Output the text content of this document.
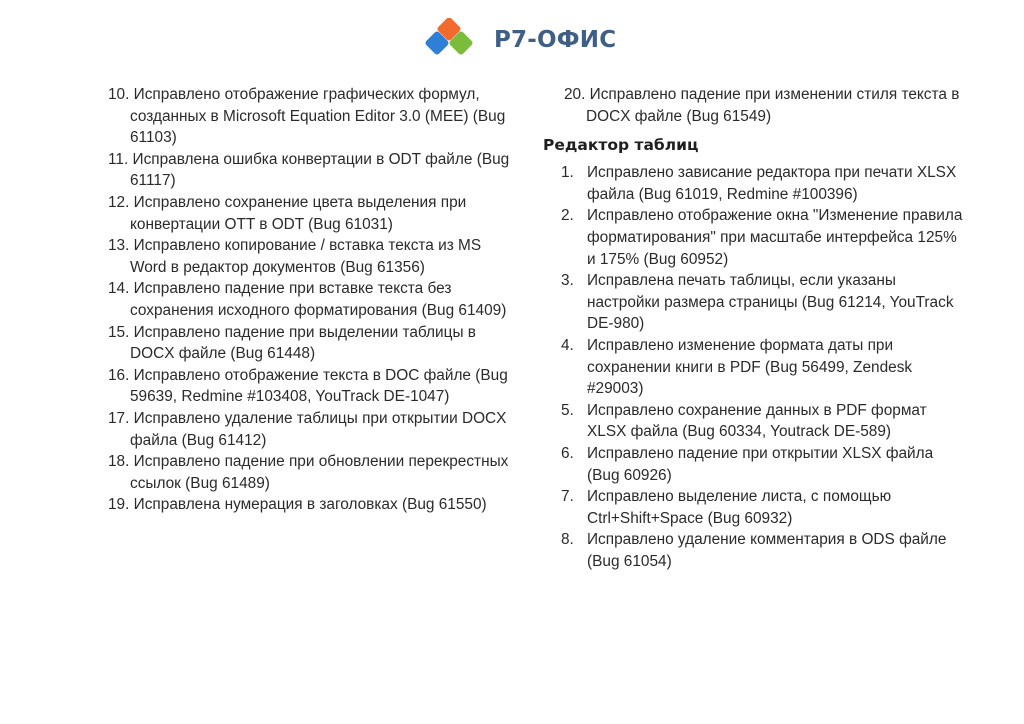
Р7-ОФИС
10. Исправлено отображение графических формул, созданных в Microsoft Equation Editor 3.0 (MEE) (Bug 61103)
11. Исправлена ошибка конвертации в ODT файле (Bug 61117)
12. Исправлено сохранение цвета выделения при конвертации OTT в ODT (Bug 61031)
13. Исправлено копирование / вставка текста из MS Word в редактор документов (Bug 61356)
14. Исправлено падение при вставке текста без сохранения исходного форматирования (Bug 61409)
15. Исправлено падение при выделении таблицы в DOCX файле (Bug 61448)
16. Исправлено отображение текста в DOC файле (Bug 59639, Redmine #103408, YouTrack DE-1047)
17. Исправлено удаление таблицы при открытии DOCX файла (Bug 61412)
18. Исправлено падение при обновлении перекрестных ссылок (Bug 61489)
19. Исправлена нумерация в заголовках (Bug 61550)
20. Исправлено падение при изменении стиля текста в DOCX файле (Bug 61549)
Редактор таблиц
1. Исправлено зависание редактора при печати XLSX файла (Bug 61019, Redmine #100396)
2. Исправлено отображение окна "Изменение правила форматирования" при масштабе интерфейса 125% и 175% (Bug 60952)
3. Исправлена печать таблицы, если указаны настройки размера страницы (Bug 61214, YouTrack DE-980)
4. Исправлено изменение формата даты при сохранении книги в PDF (Bug 56499, Zendesk #29003)
5. Исправлено сохранение данных в PDF формат XLSX файла (Bug 60334, Youtrack DE-589)
6. Исправлено падение при открытии XLSX файла (Bug 60926)
7. Исправлено выделение листа, с помощью Ctrl+Shift+Space (Bug 60932)
8. Исправлено удаление комментария в ODS файле (Bug 61054)
